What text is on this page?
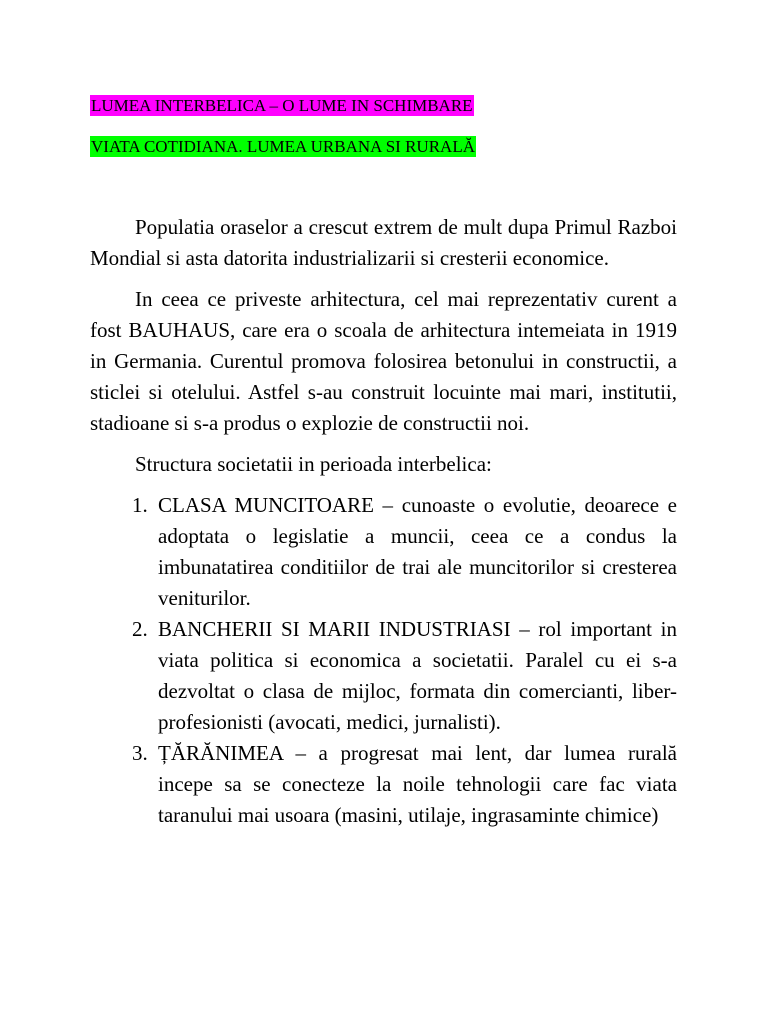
LUMEA INTERBELICA – O LUME IN SCHIMBARE
VIATA COTIDIANA. LUMEA URBANA SI RURALĂ

Populatia oraselor a crescut extrem de mult dupa Primul Razboi Mondial si asta datorita industrializarii si cresterii economice.

In ceea ce priveste arhitectura, cel mai reprezentativ curent a fost BAUHAUS, care era o scoala de arhitectura intemeiata in 1919 in Germania. Curentul promova folosirea betonului in constructii, a sticlei si otelului. Astfel s-au construit locuinte mai mari, institutii, stadioane si s-a produs o explozie de constructii noi.

Structura societatii in perioada interbelica:

1. CLASA MUNCITOARE – cunoaste o evolutie, deoarece e adoptata o legislatie a muncii, ceea ce a condus la imbunatatirea conditiilor de trai ale muncitorilor si cresterea veniturilor.
2. BANCHERII SI MARII INDUSTRIASI – rol important in viata politica si economica a societatii. Paralel cu ei s-a dezvoltat o clasa de mijloc, formata din comercianti, liber-profesionisti (avocati, medici, jurnalisti).
3. ȚĂRĂNIMEA – a progresat mai lent, dar lumea rurală incepe sa se conecteze la noile tehnologii care fac viata taranului mai usoara (masini, utilaje, ingrasaminte chimice)
